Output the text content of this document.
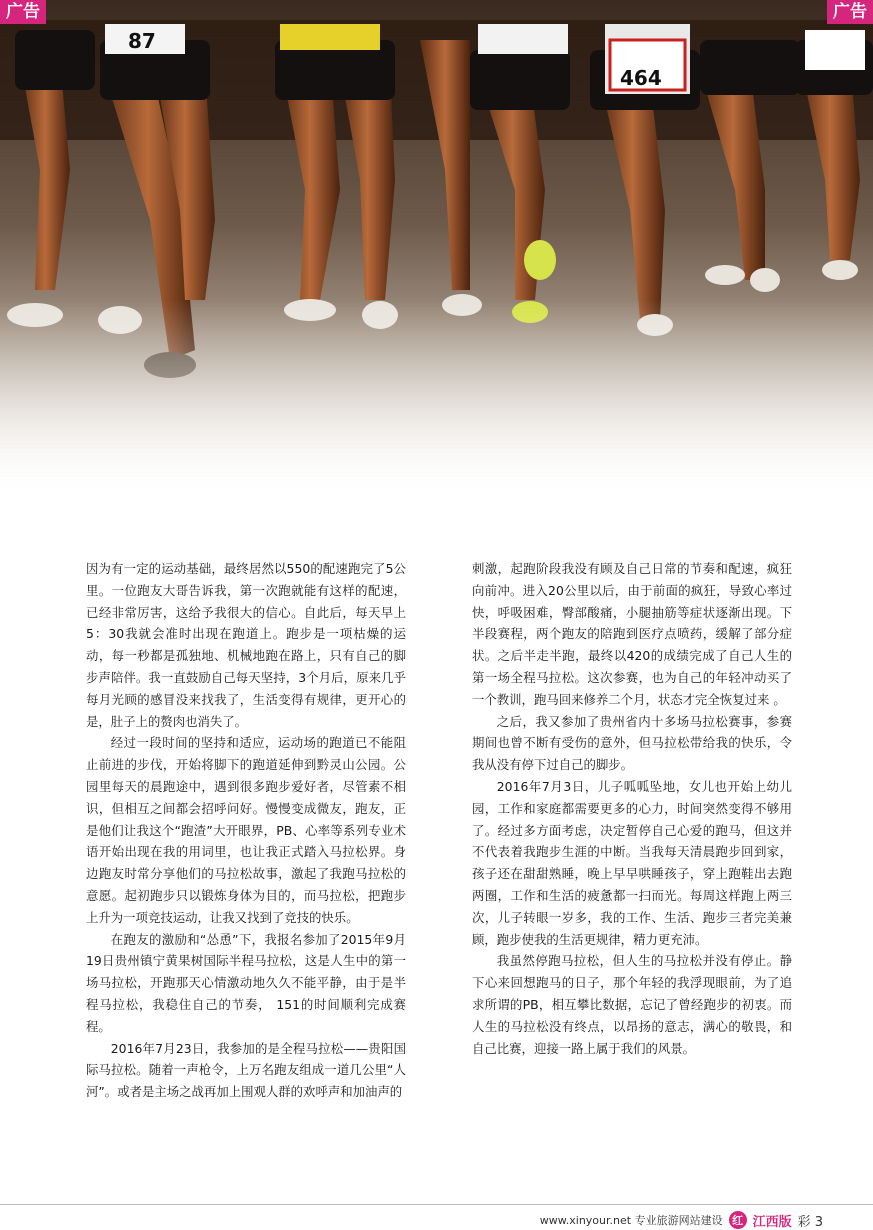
87
464
广告	广告

因为有一定的运动基础，最终居然以550的配速跑完了5公里。一位跑友大哥告诉我，第一次跑就能有这样的配速，已经非常厉害，这给予我很大的信心。自此后，每天早上5：30我就会准时出现在跑道上。跑步是一项枯燥的运动，每一秒都是孤独地、机械地跑在路上，只有自己的脚步声陪伴。我一直鼓励自己每天坚持，3个月后，原来几乎每月光顾的感冒没来找我了，生活变得有规律，更开心的是，肚子上的赘肉也消失了。

经过一段时间的坚持和适应，运动场的跑道已不能阻止前进的步伐，开始将脚下的跑道延伸到黔灵山公园。公园里每天的晨跑途中，遇到很多跑步爱好者，尽管素不相识，但相互之间都会招呼问好。慢慢变成微友，跑友，正是他们让我这个“跑渣”大开眼界，PB、心率等系列专业术语开始出现在我的用词里，也让我正式踏入马拉松界。身边跑友时常分享他们的马拉松故事，激起了我跑马拉松的意愿。起初跑步只以锻炼身体为目的，而马拉松，把跑步上升为一项竞技运动，让我又找到了竞技的快乐。

在跑友的激励和“怂恿”下，我报名参加了2015年9月19日贵州镇宁黄果树国际半程马拉松，这是人生中的第一场马拉松，开跑那天心情激动地久久不能平静，由于是半程马拉松，我稳住自己的节奏， 151的时间顺利完成赛程。

2016年7月23日，我参加的是全程马拉松——贵阳国际马拉松。随着一声枪令，上万名跑友组成一道几公里“人河”。或者是主场之战再加上围观人群的欢呼声和加油声的

刺激，起跑阶段我没有顾及自己日常的节奏和配速，疯狂向前冲。进入20公里以后，由于前面的疯狂，导致心率过快，呼吸困难，臀部酸痛，小腿抽筋等症状逐渐出现。下半段赛程，两个跑友的陪跑到医疗点喷药，缓解了部分症状。之后半走半跑，最终以420的成绩完成了自己人生的第一场全程马拉松。这次参赛，也为自己的年轻冲动买了一个教训，跑马回来修养二个月，状态才完全恢复过来 。

之后，我又参加了贵州省内十多场马拉松赛事，参赛期间也曾不断有受伤的意外，但马拉松带给我的快乐，令我从没有停下过自己的脚步。

2016年7月3日，儿子呱呱坠地，女儿也开始上幼儿园，工作和家庭都需要更多的心力，时间突然变得不够用了。经过多方面考虑，决定暂停自己心爱的跑马，但这并不代表着我跑步生涯的中断。当我每天清晨跑步回到家，孩子还在甜甜熟睡，晚上早早哄睡孩子，穿上跑鞋出去跑两圈，工作和生活的疲惫都一扫而光。每周这样跑上两三次，儿子转眼一岁多，我的工作、生活、跑步三者完美兼顾，跑步使我的生活更规律，精力更充沛。

我虽然停跑马拉松，但人生的马拉松并没有停止。静下心来回想跑马的日子，那个年轻的我浮现眼前，为了追求所谓的PB，相互攀比数据，忘记了曾经跑步的初衷。而人生的马拉松没有终点，以昂扬的意志，满心的敬畏，和自己比赛，迎接一路上属于我们的风景。

www.xinyour.net 专业旅游网站建设 红 江西版 彩 3
